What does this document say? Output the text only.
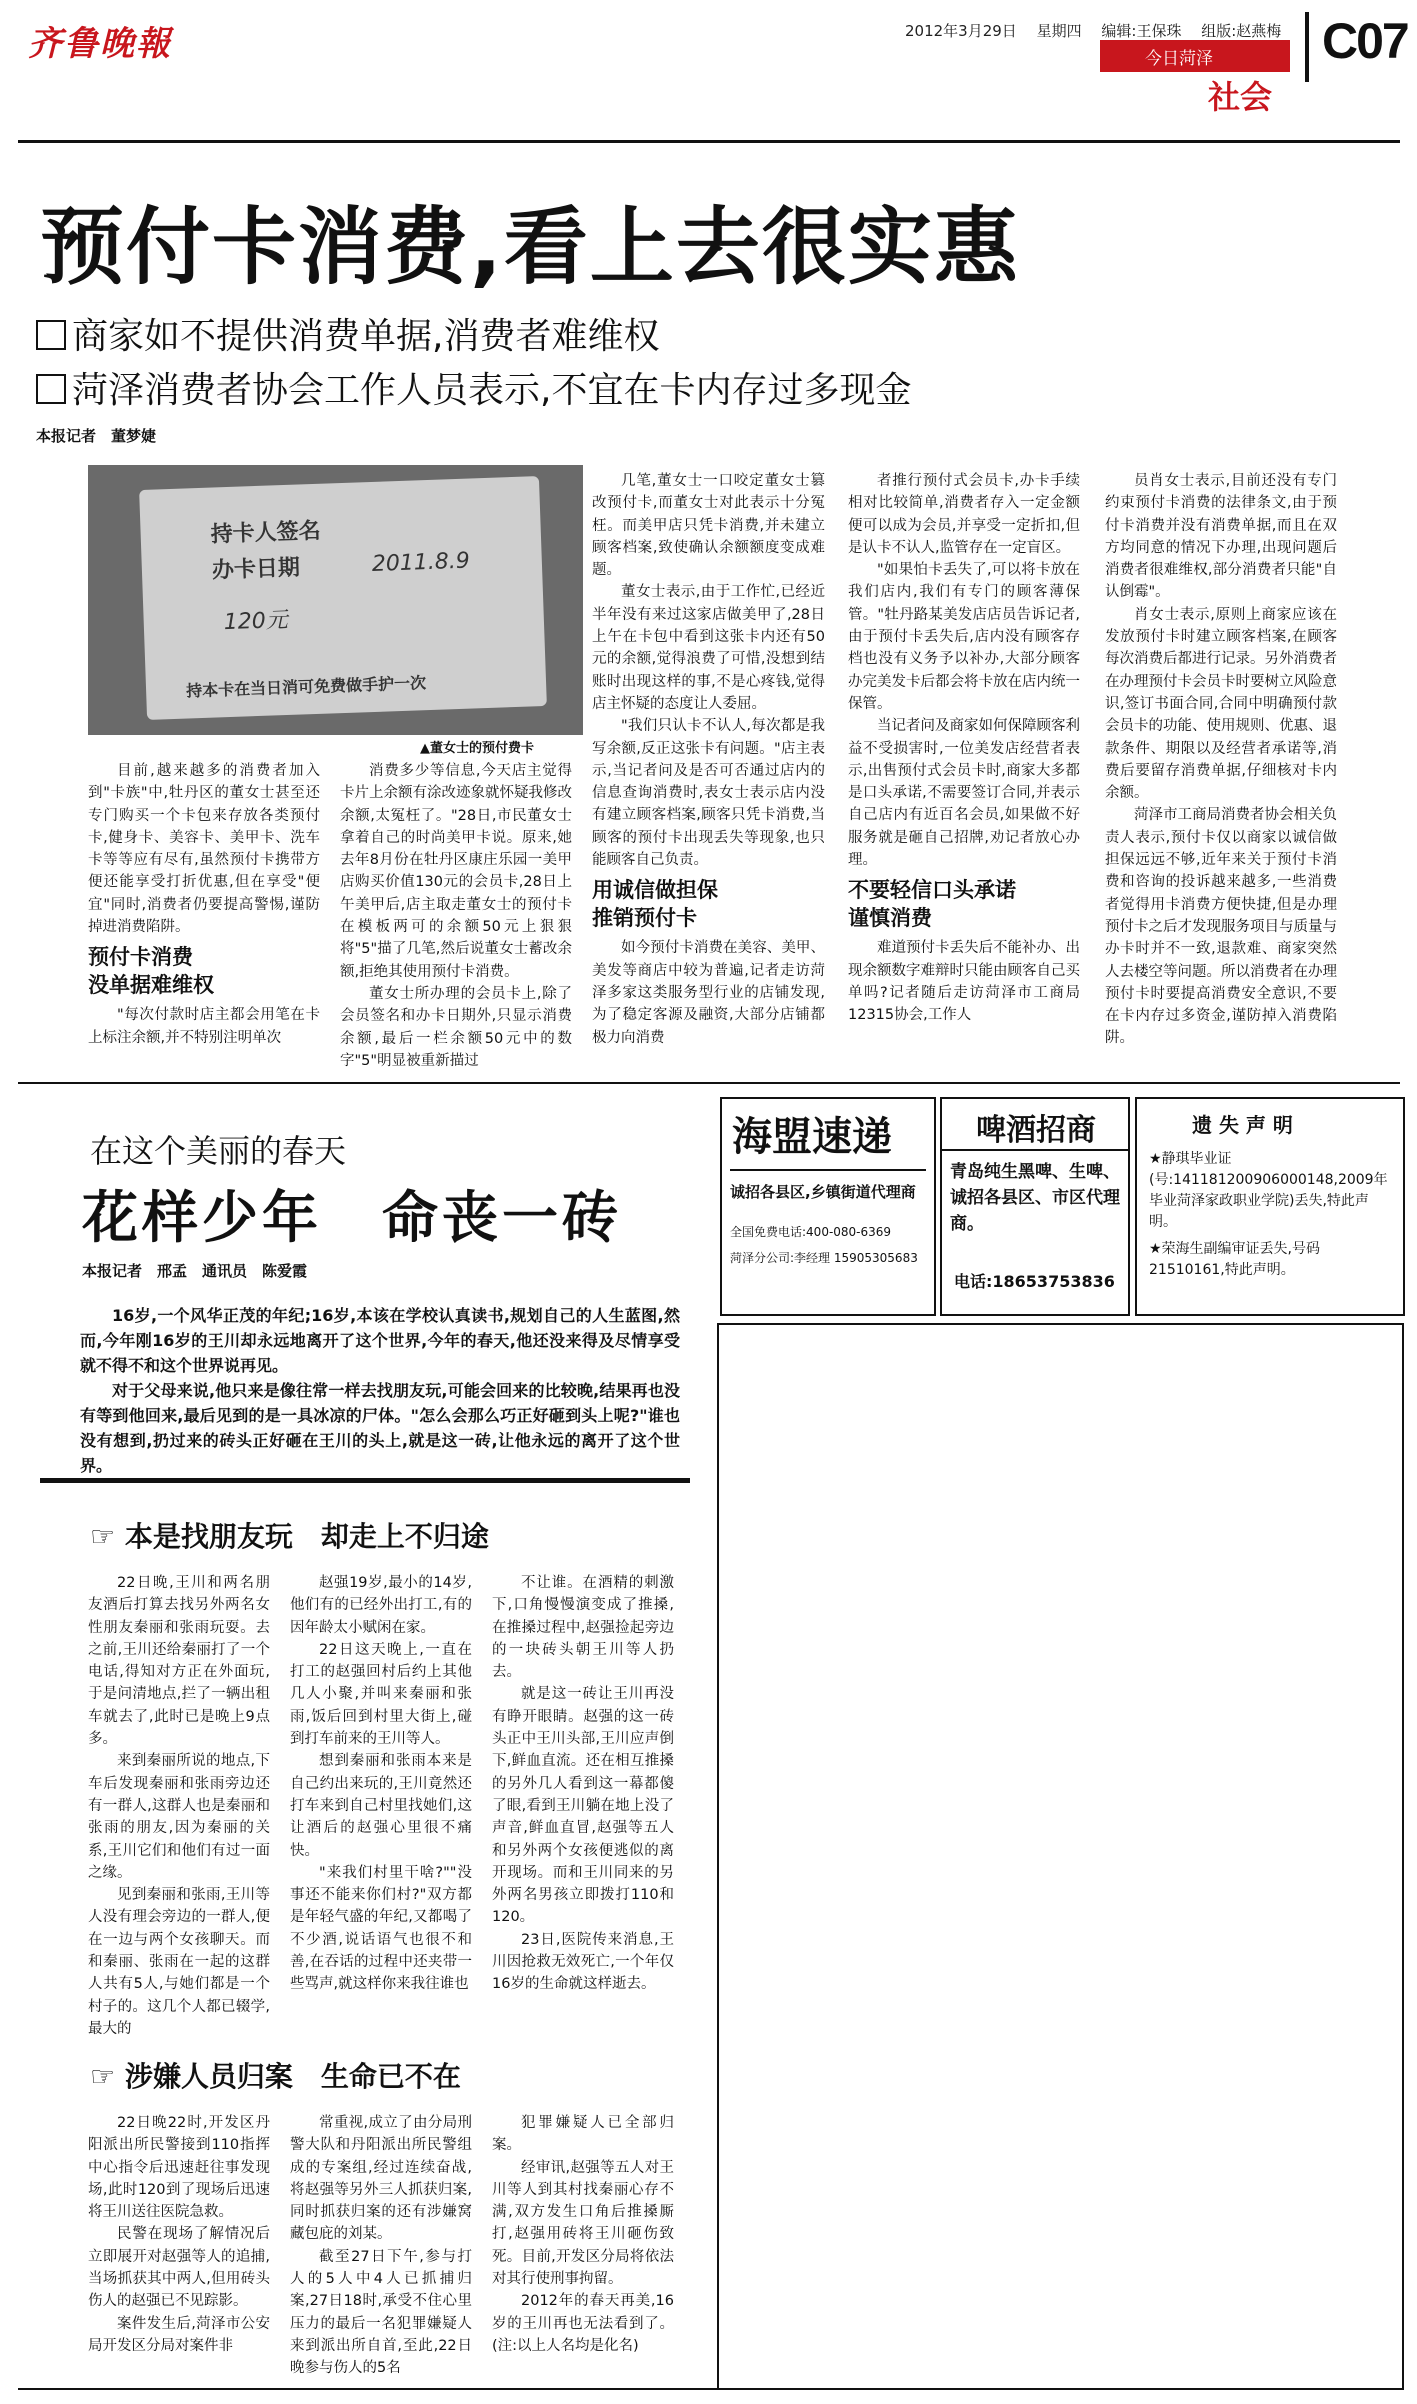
齐鲁晚報	2012年3月29日　 星期四　 编辑:王保珠　 组版:赵燕梅 C07
今日菏泽
社会
预付卡消费,看上去很实惠
商家如不提供消费单据,消费者难维权
菏泽消费者协会工作人员表示,不宜在卡内存过多现金
本报记者　董梦婕
持卡人签名
办卡日期	2011.8.9
120元
持本卡在当日消可免费做手护一次
▲董女士的预付费卡

目前,越来越多的消费者加入到"卡族"中,牡丹区的董女士甚至还专门购买一个卡包来存放各类预付卡,健身卡、美容卡、美甲卡、洗车卡等等应有尽有,虽然预付卡携带方便还能享受打折优惠,但在享受"便宜"同时,消费者仍要提高警惕,谨防掉进消费陷阱。

预付卡消费

没单据难维权

"每次付款时店主都会用笔在卡上标注余额,并不特别注明单次

消费多少等信息,今天店主觉得卡片上余额有涂改迹象就怀疑我修改余额,太冤枉了。"28日,市民董女士拿着自己的时尚美甲卡说。原来,她去年8月份在牡丹区康庄乐园一美甲店购买价值130元的会员卡,28日上午美甲后,店主取走董女士的预付卡在模板两可的余额50元上狠狠将"5"描了几笔,然后说董女士蓄改余额,拒绝其使用预付卡消费。

董女士所办理的会员卡上,除了会员签名和办卡日期外,只显示消费余额,最后一栏余额50元中的数字"5"明显被重新描过

几笔,董女士一口咬定董女士篡改预付卡,而董女士对此表示十分冤枉。而美甲店只凭卡消费,并未建立顾客档案,致使确认余额额度变成难题。

董女士表示,由于工作忙,已经近半年没有来过这家店做美甲了,28日上午在卡包中看到这张卡内还有50元的余额,觉得浪费了可惜,没想到结账时出现这样的事,不是心疼钱,觉得店主怀疑的态度让人委屈。

"我们只认卡不认人,每次都是我写余额,反正这张卡有问题。"店主表示,当记者问及是否可否通过店内的信息查询消费时,表女士表示店内没有建立顾客档案,顾客只凭卡消费,当顾客的预付卡出现丢失等现象,也只能顾客自己负责。

用诚信做担保

推销预付卡

如今预付卡消费在美容、美甲、美发等商店中较为普遍,记者走访菏泽多家这类服务型行业的店铺发现,为了稳定客源及融资,大部分店铺都极力向消费

者推行预付式会员卡,办卡手续相对比较简单,消费者存入一定金额便可以成为会员,并享受一定折扣,但是认卡不认人,监管存在一定盲区。

"如果怕卡丢失了,可以将卡放在我们店内,我们有专门的顾客薄保管。"牡丹路某美发店店员告诉记者,由于预付卡丢失后,店内没有顾客存档也没有义务予以补办,大部分顾客办完美发卡后都会将卡放在店内统一保管。

当记者问及商家如何保障顾客利益不受损害时,一位美发店经营者表示,出售预付式会员卡时,商家大多都是口头承诺,不需要签订合同,并表示自己店内有近百名会员,如果做不好服务就是砸自己招牌,劝记者放心办理。

不要轻信口头承诺

谨慎消费

难道预付卡丢失后不能补办、出现余额数字难辩时只能由顾客自己买单吗?记者随后走访菏泽市工商局12315协会,工作人

员肖女士表示,目前还没有专门约束预付卡消费的法律条文,由于预付卡消费并没有消费单据,而且在双方均同意的情况下办理,出现问题后消费者很难维权,部分消费者只能"自认倒霉"。

肖女士表示,原则上商家应该在发放预付卡时建立顾客档案,在顾客每次消费后都进行记录。另外消费者在办理预付卡会员卡时要树立风险意识,签订书面合同,合同中明确预付款会员卡的功能、使用规则、优惠、退款条件、期限以及经营者承诺等,消费后要留存消费单据,仔细核对卡内余额。

菏泽市工商局消费者协会相关负责人表示,预付卡仅以商家以诚信做担保远远不够,近年来关于预付卡消费和咨询的投诉越来越多,一些消费者觉得用卡消费方便快捷,但是办理预付卡之后才发现服务项目与质量与办卡时并不一致,退款难、商家突然人去楼空等问题。所以消费者在办理预付卡时要提高消费安全意识,不要在卡内存过多资金,谨防掉入消费陷阱。

海盟速递
诚招各县区,乡镇街道代理商
全国免费电话:400-080-6369
菏泽分公司:李经理 15905305683
啤酒招商
青岛纯生黑啤、生啤、诚招各县区、市区代理商。
电话:18653753836
遗 失 声 明
★静琪毕业证(号:141181200906000148,2009年毕业菏泽家政职业学院)丢失,特此声明。
★荣海生副编审证丢失,号码21510161,特此声明。
在这个美丽的春天
花样少年　命丧一砖
本报记者　邢孟　通讯员　陈爱霞

16岁,一个风华正茂的年纪;16岁,本该在学校认真读书,规划自己的人生蓝图,然而,今年刚16岁的王川却永远地离开了这个世界,今年的春天,他还没来得及尽情享受就不得不和这个世界说再见。

对于父母来说,他只来是像往常一样去找朋友玩,可能会回来的比较晚,结果再也没有等到他回来,最后见到的是一具冰凉的尸体。"怎么会那么巧正好砸到头上呢?"谁也没有想到,扔过来的砖头正好砸在王川的头上,就是这一砖,让他永远的离开了这个世界。

☞ 本是找朋友玩　却走上不归途

22日晚,王川和两名朋友酒后打算去找另外两名女性朋友秦丽和张雨玩耍。去之前,王川还给秦丽打了一个电话,得知对方正在外面玩,于是问清地点,拦了一辆出租车就去了,此时已是晚上9点多。

来到秦丽所说的地点,下车后发现秦丽和张雨旁边还有一群人,这群人也是秦丽和张雨的朋友,因为秦丽的关系,王川它们和他们有过一面之缘。

见到秦丽和张雨,王川等人没有理会旁边的一群人,便在一边与两个女孩聊天。而和秦丽、张雨在一起的这群人共有5人,与她们都是一个村子的。这几个人都已辍学,最大的

赵强19岁,最小的14岁,他们有的已经外出打工,有的因年龄太小赋闲在家。

22日这天晚上,一直在打工的赵强回村后约上其他几人小聚,并叫来秦丽和张雨,饭后回到村里大街上,碰到打车前来的王川等人。

想到秦丽和张雨本来是自己约出来玩的,王川竟然还打车来到自己村里找她们,这让酒后的赵强心里很不痛快。

"来我们村里干啥?""没事还不能来你们村?"双方都是年轻气盛的年纪,又都喝了不少酒,说话语气也很不和善,在吞话的过程中还夹带一些骂声,就这样你来我往谁也

不让谁。在酒精的刺激下,口角慢慢演变成了推搡,在推搡过程中,赵强捡起旁边的一块砖头朝王川等人扔去。

就是这一砖让王川再没有睁开眼睛。赵强的这一砖头正中王川头部,王川应声倒下,鲜血直流。还在相互推搡的另外几人看到这一幕都傻了眼,看到王川躺在地上没了声音,鲜血直冒,赵强等五人和另外两个女孩便逃似的离开现场。而和王川同来的另外两名男孩立即拨打110和120。

23日,医院传来消息,王川因抢救无效死亡,一个年仅16岁的生命就这样逝去。

☞ 涉嫌人员归案　生命已不在

22日晚22时,开发区丹阳派出所民警接到110指挥中心指令后迅速赶往事发现场,此时120到了现场后迅速将王川送往医院急救。

民警在现场了解情况后立即展开对赵强等人的追捕,当场抓获其中两人,但用砖头伤人的赵强已不见踪影。

案件发生后,菏泽市公安局开发区分局对案件非

常重视,成立了由分局刑警大队和丹阳派出所民警组成的专案组,经过连续奋战,将赵强等另外三人抓获归案,同时抓获归案的还有涉嫌窝藏包庇的刘某。

截至27日下午,参与打人的5人中4人已抓捕归案,27日18时,承受不住心里压力的最后一名犯罪嫌疑人来到派出所自首,至此,22日晚参与伤人的5名

犯罪嫌疑人已全部归案。

经审讯,赵强等五人对王川等人到其村找秦丽心存不满,双方发生口角后推搡厮打,赵强用砖将王川砸伤致死。目前,开发区分局将依法对其行使刑事拘留。

2012年的春天再美,16岁的王川再也无法看到了。(注:以上人名均是化名)
